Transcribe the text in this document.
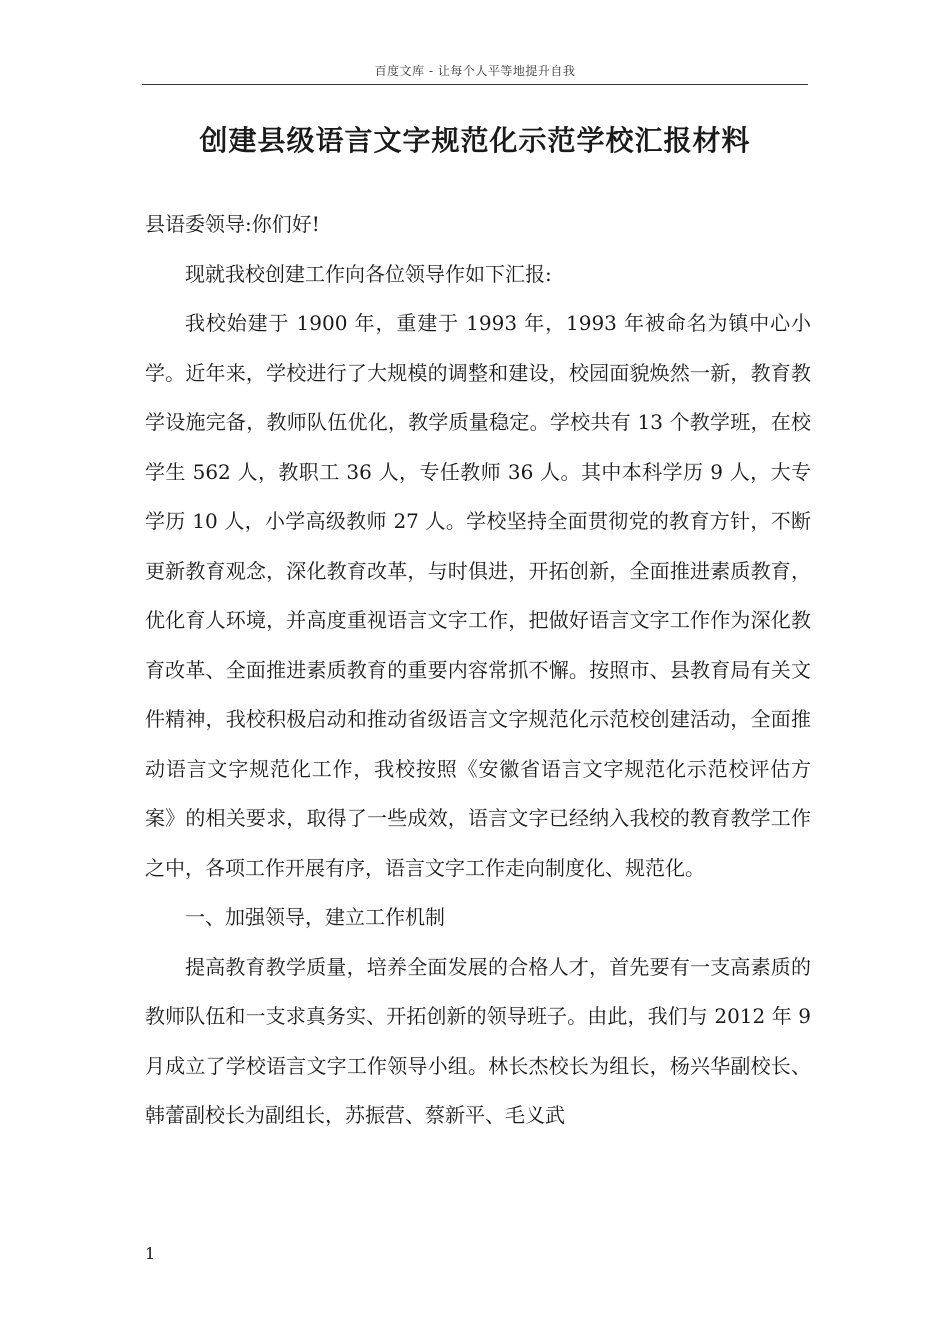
百度文库 - 让每个人平等地提升自我
创建县级语言文字规范化示范学校汇报材料

县语委领导:你们好!

现就我校创建工作向各位领导作如下汇报:

我校始建于 1900 年，重建于 1993 年，1993 年被命名为镇中心小学。近年来，学校进行了大规模的调整和建设，校园面貌焕然一新，教育教学设施完备，教师队伍优化，教学质量稳定。学校共有 13 个教学班，在校学生 562 人，教职工 36 人，专任教师 36 人。其中本科学历 9 人，大专学历 10 人，小学高级教师 27 人。学校坚持全面贯彻党的教育方针，不断更新教育观念，深化教育改革，与时俱进，开拓创新，全面推进素质教育，优化育人环境，并高度重视语言文字工作，把做好语言文字工作作为深化教育改革、全面推进素质教育的重要内容常抓不懈。按照市、县教育局有关文件精神，我校积极启动和推动省级语言文字规范化示范校创建活动，全面推动语言文字规范化工作，我校按照《安徽省语言文字规范化示范校评估方案》的相关要求，取得了一些成效，语言文字已经纳入我校的教育教学工作之中，各项工作开展有序，语言文字工作走向制度化、规范化。

一、加强领导，建立工作机制

提高教育教学质量，培养全面发展的合格人才，首先要有一支高素质的教师队伍和一支求真务实、开拓创新的领导班子。由此，我们与 2012 年 9 月成立了学校语言文字工作领导小组。林长杰校长为组长，杨兴华副校长、韩蕾副校长为副组长，苏振营、蔡新平、毛义武

1
